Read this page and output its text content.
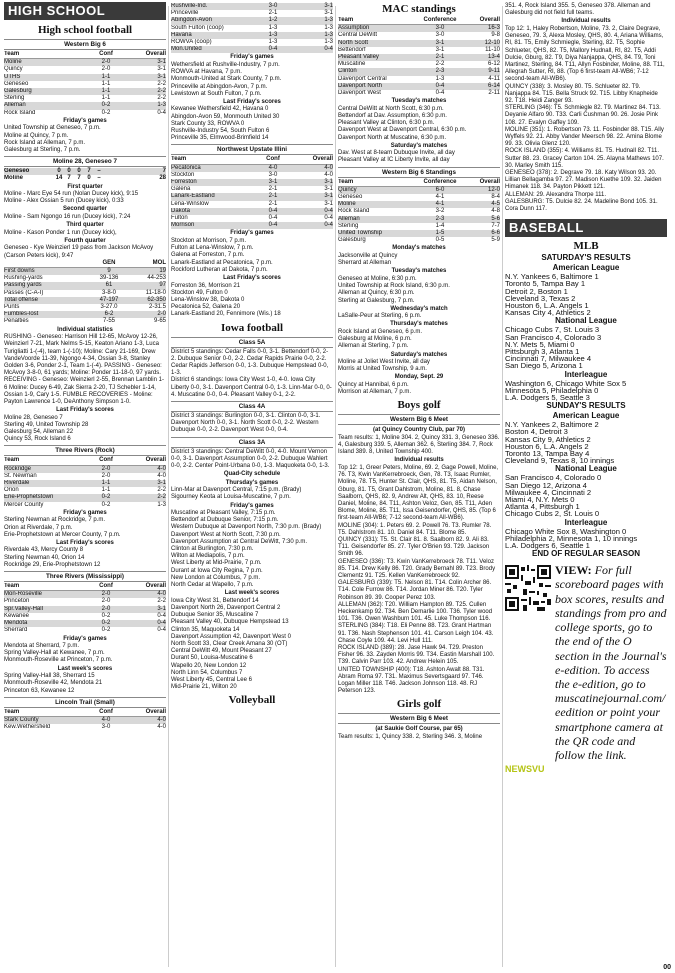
HIGH SCHOOL
High school football
Western Big 6
Team	Conf	Overall
Moline	2-0	3-1
Quincy	2-0	3-1
UTHS	1-1	3-1
Geneseo	1-1	2-2
Galesburg	1-1	2-2
Sterling	1-1	2-2
Alleman	0-2	1-3
Rock Island	0-2	0-4
Friday's games
United Township at Geneseo, 7 p.m.
Moline at Quincy, 7 p.m.
Rock Island at Alleman, 7 p.m.
Galesburg at Sterling, 7 p.m.
Moline 28, Geneseo 7
Geneseo	0	0	0	7	–	7
Moline	14 7	7	0	–	28
First quarter
Moline - Marc Eye 54 run (Nolan Ducey kick), 9:15
Moline - Alex Ossian 5 run (Ducey kick), 0:33
Second quarter
Moline - Sam Ngongo 16 run (Ducey kick), 7:24
Third quarter
Moline - Kason Ponder 1 run (Ducey kick),
Fourth quarter
Geneseo - Kye Weinzierl 19 pass from Jackson McAvoy (Carson Peters kick), 9:47
GEN	MOL
First downs	9	19
Rushing-yards	39-136	44-253
Passing yards	61	97
Passes (C-A-I)	3-8-0	11-18-0
Total offense	47-197	62-350
Punts	3-27.0	2-31.5
Fumbles-lost	6-2	2-0
Penalties	7-55	9-65
Individual statistics
RUSHING - Geneseo: Harrison Hill 12-65, McAvoy 12-26, Weinzierl 7-21, Mark Nelms 5-15, Keaton Ariano 1-3, Luca Turigliatti 1-(-4), team 1-(-10); Moline: Cary 21-169, Drew VandeVoorde 11-39, Ngongo 4-34, Ossian 3-8, Stanley Golden 3-6, Ponder 2-1, Team 1-(-4). PASSING - Geneseo: McAvoy 3-8-0, 61 yards; Moline: Ponder 11-18-0, 97 yards. RECEIVING - Geneseo: Weinzierl 2-55, Brennan Lamblin 1-6 Moline: Ducey 6-49, Zak Sierra 2-20, TJ Schebler 1-14, Ossian 1-9, Cary 1-5. FUMBLE RECOVERIES - Moline: Payton Lawrence 1-0, DeAnthony Simpson 1-0.
Last Friday's scores
Moline 28, Geneseo 7
Sterling 49, United Township 28
Galesburg 54, Alleman 22
Quincy 53, Rock Island 6
Three Rivers (Rock)
Team	Conf	Overall
Rockridge	2-0	4-0
St. Newman	2-0	4-0
Riverdale	1-1	3-1
Orion	1-1	2-2
Erie-Prophetstown	0-2	2-2
Mercer County	0-2	1-3
Friday's games
Sterling Newman at Rockridge, 7 p.m.
Orion at Riverdale, 7 p.m.
Erie-Prophetstown at Mercer County, 7 p.m.
Last Friday's scores
Riverdale 43, Mercy County 8
Sterling Newman 40, Orion 14
Rockridge 29, Erie-Prophetstown 12
Three Rivers (Mississippi)
Team	Conf	Overall
Mon-Roseville	2-0	4-0
Princeton	2-0	2-2
Spr.Valley-Hall	2-0	3-1
Kewanee	0-2	0-4
Mendota	0-2	0-4
Sherrard	0-2	0-4
Friday's games
Mendota at Sherrard, 7 p.m.
Spring Valley-Hall at Kewanee, 7 p.m.
Monmouth-Roseville at Princeton, 7 p.m.
Last week's scores
Spring Valley-Hall 38, Sherrard 15
Monmouth-Roseville 42, Mendota 21
Princeton 63, Kewanee 12
Lincoln Trail (Small)
Team	Conf	Overall
Stark County	4-0	4-0
Kew.Wethersfield	3-0	4-0
Rushville-Ind.	3-0	3-1
Princeville	2-1	3-1
Abingdon-Avon	1-2	1-3
South Fulton (coop)	1-3	1-3
Havana	1-3	1-3
ROWVA (coop)	1-3	1-3
Mon.United	0-4	0-4
Friday's games
Wethersfield at Rushville-Industry, 7 p.m.
ROWVA at Havana, 7 p.m.
Monmouth-United at Stark County, 7 p.m.
Princeville at Abingdon-Avon, 7 p.m.
Lewistown at South Fulton, 7 p.m.
Last Friday's scores
Kewanee Wethersfield 42, Havana 0
Abingdon-Avon 59, Monmouth United 30
Stark County 33, ROWVA 0
Rushville-Industry 54, South Fulton 6
Princeville 35, Elmwood-Brimfield 14
Northwest Upstate Illini
Team	Conf	Overall
Pecatonica	4-0	4-0
Stockton	3-0	4-0
Forreston	3-1	3-1
Galena	2-1	3-1
Lanark-Eastland	2-1	3-1
Lena-Winslow	2-1	3-1
Dakota	0-4	0-4
Fulton	0-4	0-4
Morrison	0-4	0-4
Friday's games
Stockton at Morrison, 7 p.m.
Fulton at Lena-Winslow, 7 p.m.
Galena at Forreston, 7 p.m.
Lanark-Eastland at Pecatonica, 7 p.m.
Rockford Lutheran at Dakota, 7 p.m.
Last Friday's scores
Forreston 36, Morrison 21
Stockton 49, Fulton 0
Lena-Winslow 38, Dakota 0
Pecatonica 52, Galena 20
Lanark-Eastland 20, Fennimore (Wis.) 18
Iowa football
Class 5A
District 5 standings: Cedar Falls 0-0, 3-1. Bettendorf 0-0, 2-2. Dubuque Senior 0-0, 2-2. Cedar Rapids Prairie 0-0, 2-2. Cedar Rapids Jefferson 0-0, 1-3. Dubuque Hempstead 0-0, 1-3.
District 6 standings: Iowa City West 1-0, 4-0. Iowa City Liberty 0-0, 3-1. Davenport Central 0-0, 1-3. Linn-Mar 0-0, 0-4. Muscatine 0-0, 0-4. Pleasant Valley 0-1, 2-2.
Class 4A
District 3 standings: Burlington 0-0, 3-1. Clinton 0-0, 3-1. Davenport North 0-0, 3-1. North Scott 0-0, 2-2. Western Dubuque 0-0, 2-2. Davenport West 0-0, 0-4.
Class 3A
District 3 standings: Central DeWitt 0-0, 4-0. Mount Vernon 0-0, 3-1. Davenport Assumption 0-0, 2-2. Dubuque Wahlert 0-0, 2-2. Center Point-Urbana 0-0, 1-3. Maquoketa 0-0, 1-3.
Quad-City schedule
Thursday's games
Linn-Mar at Davenport Central, 7:15 p.m. (Brady)
Sigourney Keota at Louisa-Muscatine, 7 p.m.
Friday's games
Muscatine at Pleasant Valley, 7:15 p.m.
Bettendorf at Dubuque Senior, 7:15 p.m.
Western Dubuque at Davenport North, 7:30 p.m. (Brady)
Davenport West at North Scott, 7:30 p.m.
Davenport Assumption at Central DeWitt, 7:30 p.m.
Clinton at Burlington, 7:30 p.m.
Wilton at Mediapolis, 7 p.m.
West Liberty at Mid-Prairie, 7 p.m.
Durant at Iowa City Regina, 7 p.m.
New London at Columbus, 7 p.m.
North Cedar at Wapello, 7 p.m.
Last week's scores
Iowa City West 31, Bettendorf 14
Davenport North 26, Davenport Central 2
Dubuque Senior 35, Muscatine 7
Pleasant Valley 40, Dubuque Hempstead 13
Clinton 35, Maquoketa 14
Davenport Assumption 42, Davenport West 0
North Scott 33, Clear Creek Amana 30 (OT)
Central DeWitt 49, Mount Pleasant 27
Durant 50, Louisa-Muscatine 6
Wapello 20, New London 12
North Linn 54, Columbus 7
West Liberty 45, Central Lee 6
Mid-Prairie 21, Wilton 20
Volleyball
MAC standings
Team	Conference	Overall
Assumption	3-0	16-3
Central DeWitt	3-0	9-8
North Scott	3-1	12-10
Bettendorf	3-1	11-10
Pleasant Valley	2-1	13-4
Muscatine	2-2	6-12
Clinton	2-3	9-11
Davenport Central	1-3	4-11
Davenport North	0-4	6-14
Davenport West	0-4	2-11
Tuesday's matches
Central DeWitt at North Scott, 6:30 p.m.
Bettendorf at Dav. Assumption, 6:30 p.m.
Pleasant Valley at Clinton, 6:30 p.m.
Davenport West at Davenport Central, 6:30 p.m.
Davenport North at Muscatine, 6:30 p.m.
Saturday's matches
Dav. West at 8-team Dubuque Invite, all day
Pleasant Valley at IC Liberty Invite, all day
Western Big 6 Standings
Team	Conference	Overall
Quincy	6-0	12-0
Geneseo	4-1	8-4
Moline	4-1	4-5
Rock Island	3-2	4-8
Alleman	2-3	5-6
Sterling	1-4	7-7
United Township	1-5	6-6
Galesburg	0-5	5-9
Monday's matches
Jacksonville at Quincy
Sherrard at Alleman
Tuesday's matches
Geneseo at Moline, 6:30 p.m.
United Township at Rock Island, 6:30 p.m.
Alleman at Quincy, 6:30 p.m.
Sterling at Galesburg, 7 p.m.
Wednesday's match
LaSalle-Peur at Sterling, 6 p.m.
Thursday's matches
Rock Island at Geneseo, 6 p.m.
Galesburg at Moline, 6 p.m.
Alleman at Sterling, 7 p.m.
Saturday's matches
Moline at Joliet West Invite, all day
Morris at United Township, 9 a.m.
Monday, Sept. 29
Quincy at Hannibal, 6 p.m.
Morrison at Alleman, 7 p.m.
Boys golf
Western Big 6 Meet
(at Quincy Country Club, par 70)
Team results: 1, Moline 304. 2, Quincy 331. 3, Geneseo 336. 4, Galesburg 339. 5, Alleman 362. 6, Sterling 384. 7, Rock Island 389. 8, United Township 400.
Individual results
Top 12: 1, Greer Peters, Moline, 69. 2, Gage Powell, Moline, 76. T3, Kwin VanKerrebroeck, Gen, 78. T3, Isaac Rumler, Moline, 78. T5, Hunter St. Clair, QHS, 81. T5, Aidan Nelson, Gburg, 81. T5, Grant Dahlstrom, Moline, 81. 8, Chase Saalborn, QHS, 82. 9, Andrew Alt, QHS, 83. 10, Reese Daniel, Moline, 84. T11, Ashton Veloz, Gen, 85. T11, Aden Blome, Moline, 85. T11, Issa Geisendorfer, QHS, 85. (Top 6 first-team All-WB6; 7-12 second-team All-WB6).
MOLINE (304): 1. Peters 69. 2. Powell 76. T3. Rumler 78. T5. Dahlstrom 81. 10. Daniel 84. T11. Blome 85.
QUINCY (331): T5. St. Clair 81. 8. Saalborn 82. 9. Ali 83. T11. Geisendorfer 85. 27. Tyler O'Brien 93. T29. Jackson Smith 96.
GENESEO (336): T3. Kwin VanKerrebroeck 78. T11. Veloz 85. T14. Drew Kelly 86. T20. Grady Bernahl 89. T23. Brody Clementz 91. T25. Kellen VanKerrebroeck 92.
GALESBURG (339): T5. Nelson 81. T14. Colin Archer 86. T14. Cole Furrow 86. T14. Jordan Miner 86. T20. Tyler Robinson 89. 39. Cooper Perez 103.
ALLEMAN (362): T20. William Hampton 89. T25. Cullen Heckenkamp 92. T34. Ben Demarlie 100. T36. Tyler wood 101. T36. Owen Washburn 101. 45. Luke Thompson 116.
STERLING (384): T18. Eli Penne 88. T23. Grant Hartman 91. T36. Nash Stephenson 101. 41. Carson Leigh 104. 43. Chase Coyle 109. 44. Levi Hull 111.
ROCK ISLAND (389): 28. Jase Hawk 94. T29. Preston Fisher 96. 33. Zayden Morris 99. T34. Eastin Marshall 100. T39. Calvin Parr 103. 42. Andrew Helein 105.
UNITED TOWNSHIP (400): T18. Ashton Awalt 88. T31. Abram Roma 97. T31. Maximus Severtsgaard 97. T46. Logan Miller 118. T46. Jackson Johnson 118. 48. RJ Peterson 123.
Girls golf
Western Big 6 Meet
(at Saukie Golf Course, par 65)
Team results: 1, Quincy 338. 2, Sterling 346. 3, Moline
351. 4, Rock Island 355. 5, Geneseo 378. Alleman and Galesburg did not field full teams.
Individual results
Top 12: 1, Haley Robertson, Moline, 73. 2, Claire Degrave, Geneseo, 79. 3, Alexa Mosley, QHS, 80. 4, Ariana Williams, RI, 81. T5, Emily Schmiegle, Sterling, 82. T5, Sophie Schlueter, QHS, 82. T5, Mallory Hudnall, RI, 82. T5, Addi Dulcie, Gburg, 82. T9, Diya Nanjappa, QHS, 84. T9, Toni Martinez, Sterling, 84. T11, Allyn Fosbinder, Moline, 88. T11, Allegrah Sutter, RI, 88. (Top 6 first-team All-WB6; 7-12 second-team All-WB6).
QUINCY (338): 3. Mosley 80. T5. Schlueter 82. T9. Nanjappa 84. T15. Bella Struck 92. T15. Libby Knapheide 92. T18. Heidi Zanger 93.
STERLING (346): T5. Schmiegle 82. T9. Martinez 84. T13. Deyanie Alfaro 90. T33. Carli Cushman 90. 26. Josie Pink 108. 27. Evalyn Gaffey 109.
MOLINE (351): 1. Robertson 73. 11. Fosbinder 88. T15. Ally Wyffels 92. 21. Abby Vander Meersch 98. 22. Amina Blome 99. 33. Olivia Glenz 120.
ROCK ISLAND (355): 4. Williams 81. T5. Hudnall 82. T11. Sutter 88. 23. Gracey Carton 104. 25. Alayna Mathews 107. 30. Marley Smith 115.
GENESEO (378): 2. Degrave 79. 18. Katy Wilson 93. 20. Lillian Bellagamba 97. 27. Madison Kuethe 109. 32. Jaiden Himanek 118. 34. Payton Pikkett 121.
ALLEMAN: 29. Alexandra Thorpe 111.
GALESBURG: T5. Dulcie 82. 24. Madeline Bond 105. 31. Cora Dunn 117.
BASEBALL
MLB
SATURDAY'S RESULTS
American League
N.Y. Yankees 6, Baltimore 1
Toronto 5, Tampa Bay 1
Detroit 2, Boston 1
Cleveland 3, Texas 2
Houston 6, L.A. Angels 1
Kansas City 4, Athletics 2
National League
Chicago Cubs 7, St. Louis 3
San Francisco 4, Colorado 3
N.Y. Mets 5, Miami 0
Pittsburgh 3, Atlanta 1
Cincinnati 7, Milwaukee 4
San Diego 5, Arizona 1
Interleague
Washington 6, Chicago White Sox 5
Minnesota 5, Philadelphia 0
L.A. Dodgers 5, Seattle 3
SUNDAY'S RESULTS
American League
N.Y. Yankees 2, Baltimore 2
Boston 4, Detroit 3
Kansas City 9, Athletics 2
Houston 6, L.A. Angels 2
Toronto 13, Tampa Bay 4
Cleveland 9, Texas 8, 10 innings
National League
San Francisco 4, Colorado 0
San Diego 12, Arizona 4
Milwaukee 4, Cincinnati 2
Miami 4, N.Y. Mets 0
Atlanta 4, Pittsburgh 1
Chicago Cubs 2, St. Louis 0
Interleague
Chicago White Sox 8, Washington 0
Philadelphia 2, Minnesota 1, 10 innings
L.A. Dodgers 6, Seattle 1
END OF REGULAR SEASON
VIEW: For full scoreboard pages with box scores, results and standings from pro and college sports, go to the end of the O section in the Journal's e-edition. To access the e-edition, go to muscatinejournal.com/ eedition or point your smartphone camera at the QR code and follow the link.
NEWSVU
00
